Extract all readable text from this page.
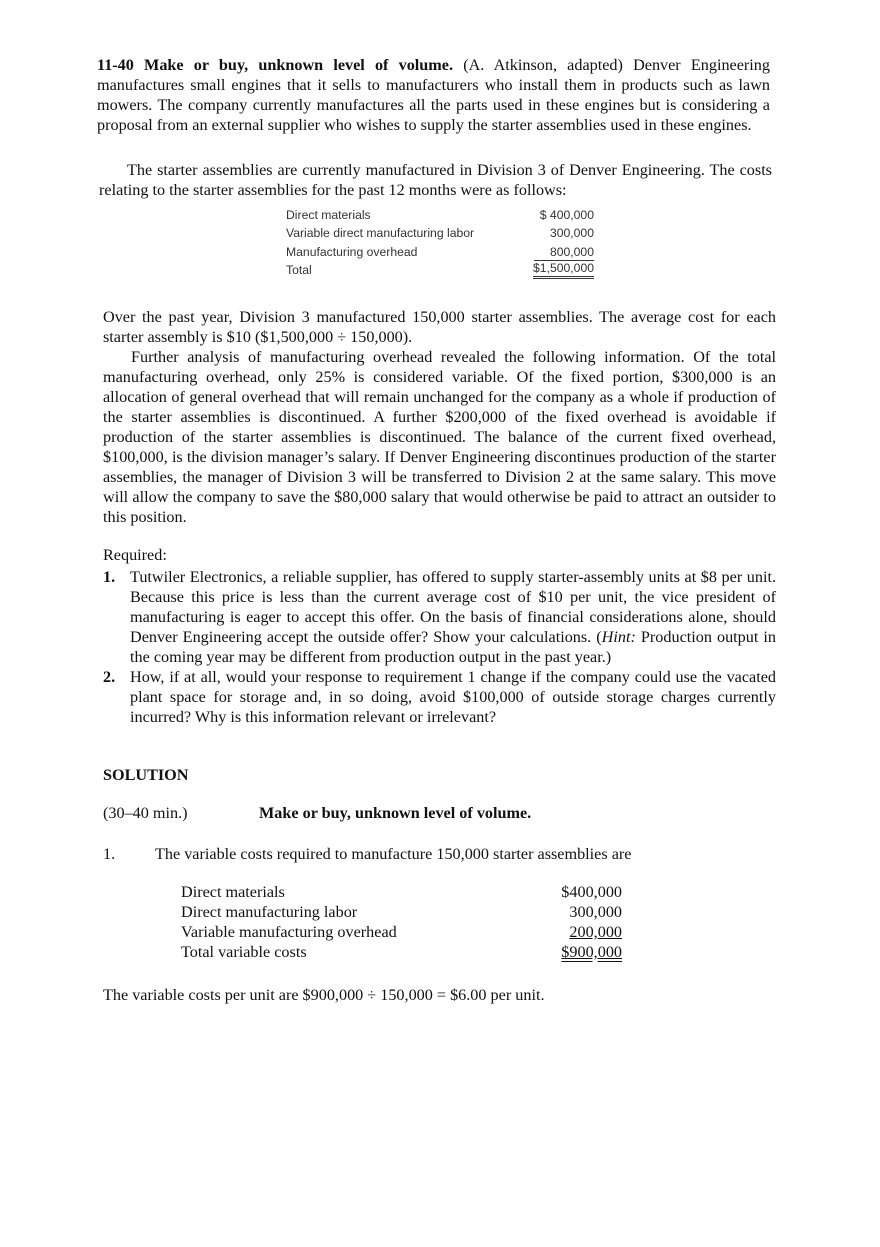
11-40 Make or buy, unknown level of volume. (A. Atkinson, adapted) Denver Engineering manufactures small engines that it sells to manufacturers who install them in products such as lawn mowers. The company currently manufactures all the parts used in these engines but is considering a proposal from an external supplier who wishes to supply the starter assemblies used in these engines.
The starter assemblies are currently manufactured in Division 3 of Denver Engineering. The costs relating to the starter assemblies for the past 12 months were as follows:
Direct materials	$ 400,000
Variable direct manufacturing labor	300,000
Manufacturing overhead	800,000
Total	$1,500,000
Over the past year, Division 3 manufactured 150,000 starter assemblies. The average cost for each starter assembly is $10 ($1,500,000 ÷ 150,000).
Further analysis of manufacturing overhead revealed the following information. Of the total manufacturing overhead, only 25% is considered variable. Of the fixed portion, $300,000 is an allocation of general overhead that will remain unchanged for the company as a whole if production of the starter assemblies is discontinued. A further $200,000 of the fixed overhead is avoidable if production of the starter assemblies is discontinued. The balance of the current fixed overhead, $100,000, is the division manager’s salary. If Denver Engineering discontinues production of the starter assemblies, the manager of Division 3 will be transferred to Division 2 at the same salary. This move will allow the company to save the $80,000 salary that would otherwise be paid to attract an outsider to this position.
Required:
1. Tutwiler Electronics, a reliable supplier, has offered to supply starter-assembly units at $8 per unit. Because this price is less than the current average cost of $10 per unit, the vice president of manufacturing is eager to accept this offer. On the basis of financial considerations alone, should Denver Engineering accept the outside offer? Show your calculations. (Hint: Production output in the coming year may be different from production output in the past year.)
2. How, if at all, would your response to requirement 1 change if the company could use the vacated plant space for storage and, in so doing, avoid $100,000 of outside storage charges currently incurred? Why is this information relevant or irrelevant?
SOLUTION
(30–40 min.)	Make or buy, unknown level of volume.
1. The variable costs required to manufacture 150,000 starter assemblies are
Direct materials	$400,000
Direct manufacturing labor	300,000
Variable manufacturing overhead	200,000
Total variable costs	$900,000
The variable costs per unit are $900,000 ÷ 150,000 = $6.00 per unit.
